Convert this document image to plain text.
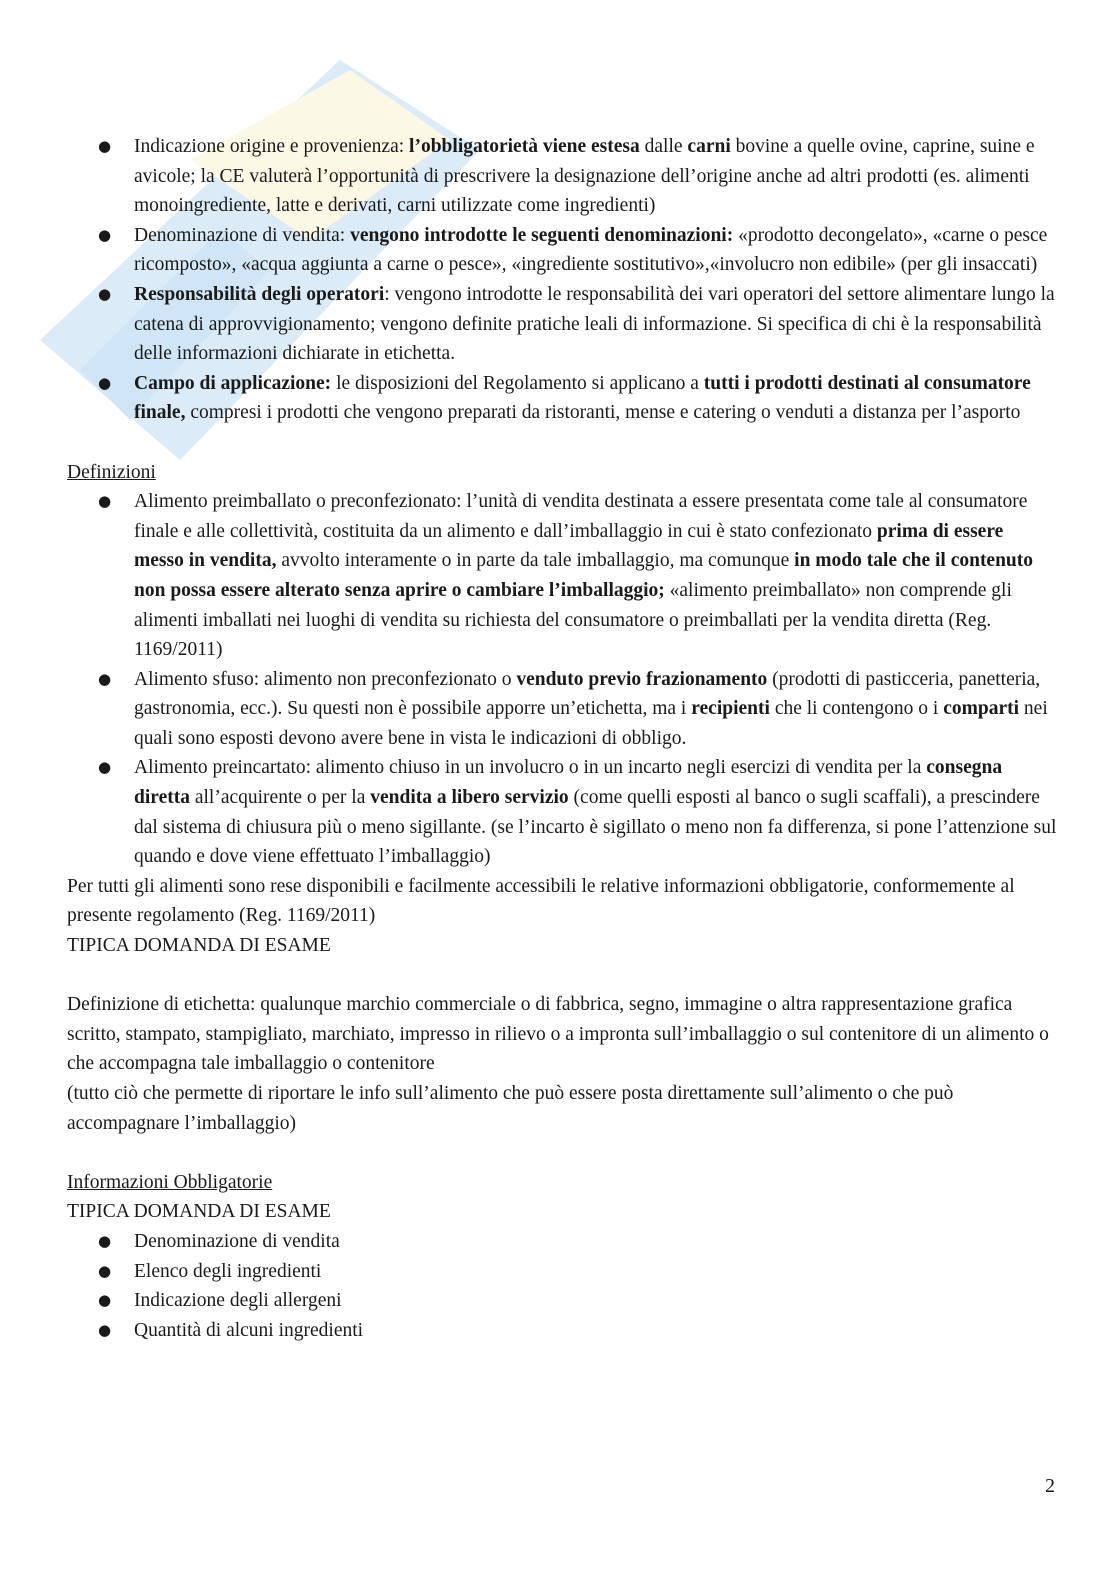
● Indicazione origine e provenienza: l’obbligatorietà viene estesa dalle carni bovine a quelle ovine, caprine, suine e avicole; la CE valuterà l’opportunità di prescrivere la designazione dell’origine anche ad altri prodotti (es. alimenti monoingrediente, latte e derivati, carni utilizzate come ingredienti)
● Denominazione di vendita: vengono introdotte le seguenti denominazioni: «prodotto decongelato», «carne o pesce ricomposto», «acqua aggiunta a carne o pesce», «ingrediente sostitutivo»,«involucro non edibile» (per gli insaccati)
● Responsabilità degli operatori: vengono introdotte le responsabilità dei vari operatori del settore alimentare lungo la catena di approvvigionamento; vengono definite pratiche leali di informazione. Si specifica di chi è la responsabilità delle informazioni dichiarate in etichetta.
● Campo di applicazione: le disposizioni del Regolamento si applicano a tutti i prodotti destinati al consumatore finale, compresi i prodotti che vengono preparati da ristoranti, mense e catering o venduti a distanza per l’asporto

Definizioni

● Alimento preimballato o preconfezionato: l’unità di vendita destinata a essere presentata come tale al consumatore finale e alle collettività, costituita da un alimento e dall’imballaggio in cui è stato confezionato prima di essere messo in vendita, avvolto interamente o in parte da tale imballaggio, ma comunque in modo tale che il contenuto non possa essere alterato senza aprire o cambiare l’imballaggio; «alimento preimballato» non comprende gli alimenti imballati nei luoghi di vendita su richiesta del consumatore o preimballati per la vendita diretta (Reg. 1169/2011)
● Alimento sfuso: alimento non preconfezionato o venduto previo frazionamento (prodotti di pasticceria, panetteria, gastronomia, ecc.). Su questi non è possibile apporre un’etichetta, ma i recipienti che li contengono o i comparti nei quali sono esposti devono avere bene in vista le indicazioni di obbligo.
● Alimento preincartato: alimento chiuso in un involucro o in un incarto negli esercizi di vendita per la consegna diretta all’acquirente o per la vendita a libero servizio (come quelli esposti al banco o sugli scaffali), a prescindere dal sistema di chiusura più o meno sigillante. (se l’incarto è sigillato o meno non fa differenza, si pone l’attenzione sul quando e dove viene effettuato l’imballaggio)

Per tutti gli alimenti sono rese disponibili e facilmente accessibili le relative informazioni obbligatorie, conformemente al presente regolamento (Reg. 1169/2011)

TIPICA DOMANDA DI ESAME

Definizione di etichetta: qualunque marchio commerciale o di fabbrica, segno, immagine o altra rappresentazione grafica scritto, stampato, stampigliato, marchiato, impresso in rilievo o a impronta sull’imballaggio o sul contenitore di un alimento o che accompagna tale imballaggio o contenitore

(tutto ciò che permette di riportare le info sull’alimento che può essere posta direttamente sull’alimento o che può accompagnare l’imballaggio)

Informazioni Obbligatorie

TIPICA DOMANDA DI ESAME

● Denominazione di vendita
● Elenco degli ingredienti
● Indicazione degli allergeni
● Quantità di alcuni ingredienti
2
